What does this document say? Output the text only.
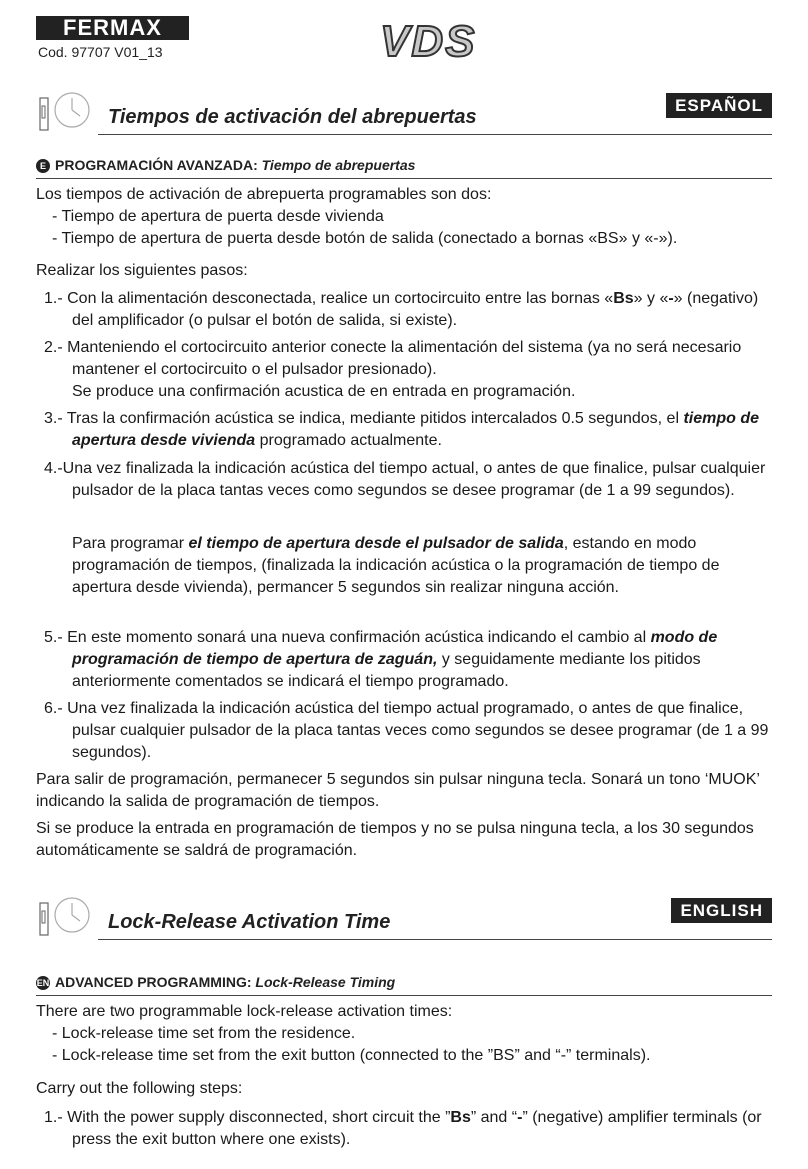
FERMAX
Cod. 97707 V01_13	VDS
Tiempos de activación del abrepuertas
ESPAÑOL
E PROGRAMACIÓN AVANZADA: Tiempo de abrepuertas
Los tiempos de activación de abrepuerta programables son dos:
- Tiempo de apertura de puerta desde vivienda
- Tiempo de apertura de puerta desde botón de salida (conectado a bornas «BS» y «-»).
Realizar los siguientes pasos:
1.- Con la alimentación desconectada, realice un cortocircuito entre las bornas «Bs» y «-» (negativo) del amplificador (o pulsar el botón de salida, si existe).
2.- Manteniendo el cortocircuito anterior conecte la alimentación del sistema (ya no será necesario mantener el cortocircuito o el pulsador presionado).
Se produce una confirmación acustica de en entrada en programación.
3.- Tras la confirmación acústica se indica, mediante pitidos intercalados 0.5 segundos, el tiempo de apertura desde vivienda programado actualmente.
4.-Una vez finalizada la indicación acústica del tiempo actual, o antes de que finalice, pulsar cualquier pulsador de la placa tantas veces como segundos se desee programar (de 1 a 99 segundos).
Para programar el tiempo de apertura desde el pulsador de salida, estando en modo programación de tiempos, (finalizada la indicación acústica o la programación de tiempo de apertura desde vivienda), permancer 5 segundos sin realizar ninguna acción.
5.- En este momento sonará una nueva confirmación acústica indicando el cambio al modo de programación de tiempo de apertura de zaguán, y seguidamente mediante los pitidos anteriormente comentados se indicará el tiempo programado.
6.- Una vez finalizada la indicación acústica del tiempo actual programado, o antes de que finalice, pulsar cualquier pulsador de la placa tantas veces como segundos se desee programar (de 1 a 99 segundos).
Para salir de programación, permanecer 5 segundos sin pulsar ninguna tecla. Sonará un tono ‘MUOK’ indicando la salida de programación de tiempos.
Si se produce la entrada en programación de tiempos y no se pulsa ninguna tecla, a los 30 segundos automáticamente se saldrá de programación.
Lock-Release Activation Time
ENGLISH
EN ADVANCED PROGRAMMING: Lock-Release Timing
There are two programmable lock-release activation times:
- Lock-release time set from the residence.
- Lock-release time set from the exit button (connected to the ”BS” and “-” terminals).
Carry out the following steps:
1.- With the power supply disconnected, short circuit the ”Bs” and “-” (negative) amplifier terminals (or press the exit button where one exists).
